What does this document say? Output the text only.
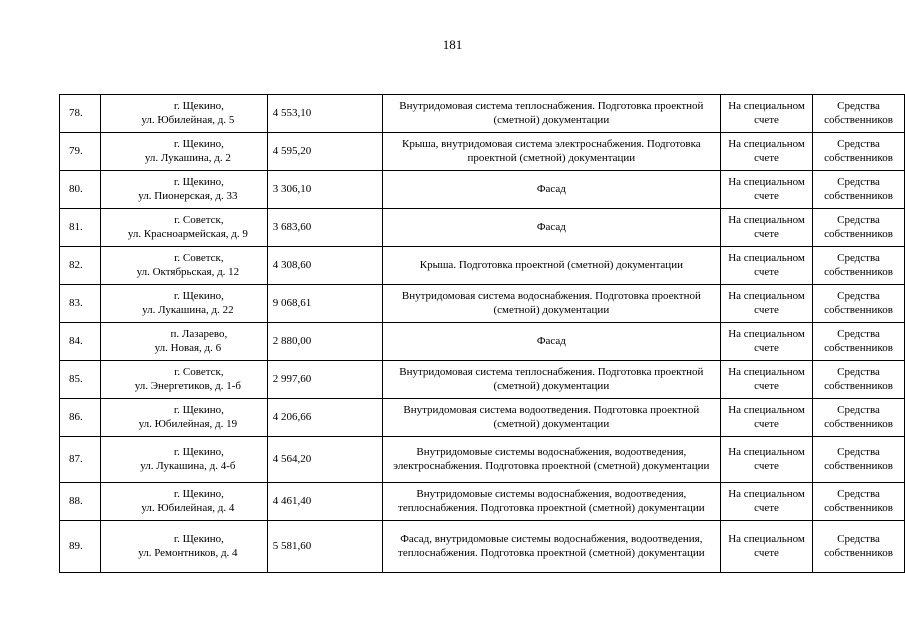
181
78.	г. Щекино,
ул. Юбилейная, д. 5	4 553,10	Внутридомовая система теплоснабжения. Подготовка проектной (сметной) документации	На специальном счете	Средства собственников
79.	г. Щекино,
ул. Лукашина, д. 2	4 595,20	Крыша, внутридомовая система электроснабжения. Подготовка проектной (сметной) документации	На специальном счете	Средства собственников
80.	г. Щекино,
ул. Пионерская, д. 33	3 306,10	Фасад	На специальном счете	Средства собственников
81.	г. Советск,
ул. Красноармейская, д. 9	3 683,60	Фасад	На специальном счете	Средства собственников
82.	г. Советск,
ул. Октябрьская, д. 12	4 308,60	Крыша. Подготовка проектной (сметной) документации	На специальном счете	Средства собственников
83.	г. Щекино,
ул. Лукашина, д. 22	9 068,61	Внутридомовая система водоснабжения. Подготовка проектной (сметной) документации	На специальном счете	Средства собственников
84.	п. Лазарево,
ул. Новая, д. 6	2 880,00	Фасад	На специальном счете	Средства собственников
85.	г. Советск,
ул. Энергетиков, д. 1-б	2 997,60	Внутридомовая система теплоснабжения. Подготовка проектной (сметной) документации	На специальном счете	Средства собственников
86.	г. Щекино,
ул. Юбилейная, д. 19	4 206,66	Внутридомовая система водоотведения. Подготовка проектной (сметной) документации	На специальном счете	Средства собственников
87.	г. Щекино,
ул. Лукашина, д. 4-б	4 564,20	Внутридомовые системы водоснабжения, водоотведения, электроснабжения. Подготовка проектной (сметной) документации	На специальном счете	Средства собственников
88.	г. Щекино,
ул. Юбилейная, д. 4	4 461,40	Внутридомовые системы водоснабжения, водоотведения, теплоснабжения. Подготовка проектной (сметной) документации	На специальном счете	Средства собственников
89.	г. Щекино,
ул. Ремонтников, д. 4	5 581,60	Фасад, внутридомовые системы водоснабжения, водоотведения, теплоснабжения. Подготовка проектной (сметной) документации	На специальном счете	Средства собственников
